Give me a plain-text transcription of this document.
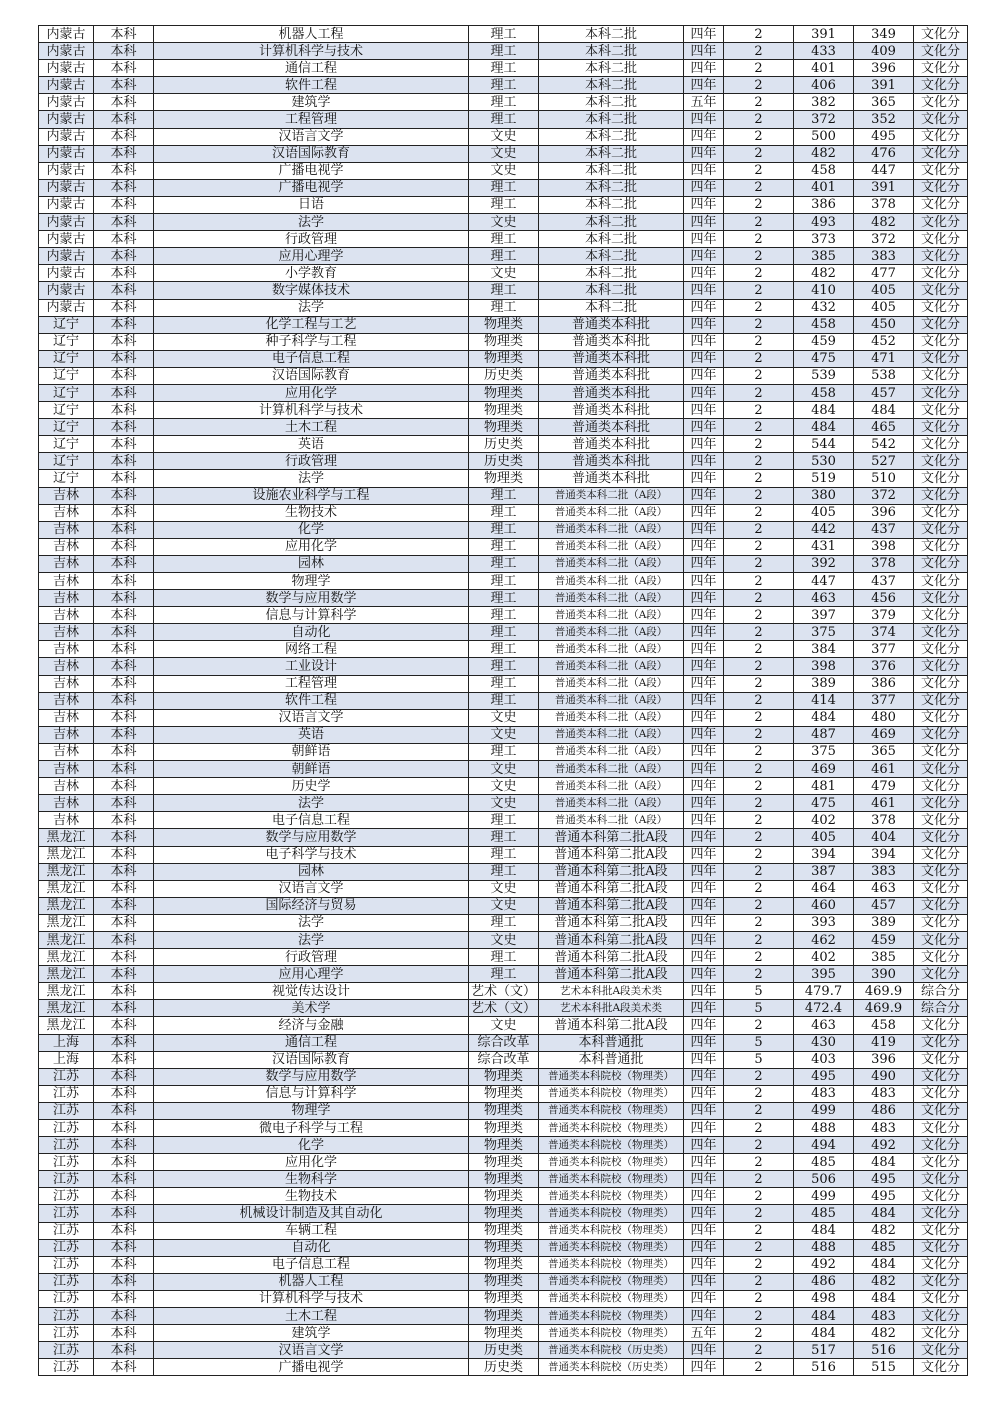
内蒙古	本科	机器人工程	理工	本科二批	四年	2	391	349	文化分
内蒙古	本科	计算机科学与技术	理工	本科二批	四年	2	433	409	文化分
内蒙古	本科	通信工程	理工	本科二批	四年	2	401	396	文化分
内蒙古	本科	软件工程	理工	本科二批	四年	2	406	391	文化分
内蒙古	本科	建筑学	理工	本科二批	五年	2	382	365	文化分
内蒙古	本科	工程管理	理工	本科二批	四年	2	372	352	文化分
内蒙古	本科	汉语言文学	文史	本科二批	四年	2	500	495	文化分
内蒙古	本科	汉语国际教育	文史	本科二批	四年	2	482	476	文化分
内蒙古	本科	广播电视学	文史	本科二批	四年	2	458	447	文化分
内蒙古	本科	广播电视学	理工	本科二批	四年	2	401	391	文化分
内蒙古	本科	日语	理工	本科二批	四年	2	386	378	文化分
内蒙古	本科	法学	文史	本科二批	四年	2	493	482	文化分
内蒙古	本科	行政管理	理工	本科二批	四年	2	373	372	文化分
内蒙古	本科	应用心理学	理工	本科二批	四年	2	385	383	文化分
内蒙古	本科	小学教育	文史	本科二批	四年	2	482	477	文化分
内蒙古	本科	数字媒体技术	理工	本科二批	四年	2	410	405	文化分
内蒙古	本科	法学	理工	本科二批	四年	2	432	405	文化分
辽宁	本科	化学工程与工艺	物理类	普通类本科批	四年	2	458	450	文化分
辽宁	本科	种子科学与工程	物理类	普通类本科批	四年	2	459	452	文化分
辽宁	本科	电子信息工程	物理类	普通类本科批	四年	2	475	471	文化分
辽宁	本科	汉语国际教育	历史类	普通类本科批	四年	2	539	538	文化分
辽宁	本科	应用化学	物理类	普通类本科批	四年	2	458	457	文化分
辽宁	本科	计算机科学与技术	物理类	普通类本科批	四年	2	484	484	文化分
辽宁	本科	土木工程	物理类	普通类本科批	四年	2	484	465	文化分
辽宁	本科	英语	历史类	普通类本科批	四年	2	544	542	文化分
辽宁	本科	行政管理	历史类	普通类本科批	四年	2	530	527	文化分
辽宁	本科	法学	物理类	普通类本科批	四年	2	519	510	文化分
吉林	本科	设施农业科学与工程	理工	普通类本科二批（A段）	四年	2	380	372	文化分
吉林	本科	生物技术	理工	普通类本科二批（A段）	四年	2	405	396	文化分
吉林	本科	化学	理工	普通类本科二批（A段）	四年	2	442	437	文化分
吉林	本科	应用化学	理工	普通类本科二批（A段）	四年	2	431	398	文化分
吉林	本科	园林	理工	普通类本科二批（A段）	四年	2	392	378	文化分
吉林	本科	物理学	理工	普通类本科二批（A段）	四年	2	447	437	文化分
吉林	本科	数学与应用数学	理工	普通类本科二批（A段）	四年	2	463	456	文化分
吉林	本科	信息与计算科学	理工	普通类本科二批（A段）	四年	2	397	379	文化分
吉林	本科	自动化	理工	普通类本科二批（A段）	四年	2	375	374	文化分
吉林	本科	网络工程	理工	普通类本科二批（A段）	四年	2	384	377	文化分
吉林	本科	工业设计	理工	普通类本科二批（A段）	四年	2	398	376	文化分
吉林	本科	工程管理	理工	普通类本科二批（A段）	四年	2	389	386	文化分
吉林	本科	软件工程	理工	普通类本科二批（A段）	四年	2	414	377	文化分
吉林	本科	汉语言文学	文史	普通类本科二批（A段）	四年	2	484	480	文化分
吉林	本科	英语	文史	普通类本科二批（A段）	四年	2	487	469	文化分
吉林	本科	朝鲜语	理工	普通类本科二批（A段）	四年	2	375	365	文化分
吉林	本科	朝鲜语	文史	普通类本科二批（A段）	四年	2	469	461	文化分
吉林	本科	历史学	文史	普通类本科二批（A段）	四年	2	481	479	文化分
吉林	本科	法学	文史	普通类本科二批（A段）	四年	2	475	461	文化分
吉林	本科	电子信息工程	理工	普通类本科二批（A段）	四年	2	402	378	文化分
黑龙江	本科	数学与应用数学	理工	普通本科第二批A段	四年	2	405	404	文化分
黑龙江	本科	电子科学与技术	理工	普通本科第二批A段	四年	2	394	394	文化分
黑龙江	本科	园林	理工	普通本科第二批A段	四年	2	387	383	文化分
黑龙江	本科	汉语言文学	文史	普通本科第二批A段	四年	2	464	463	文化分
黑龙江	本科	国际经济与贸易	文史	普通本科第二批A段	四年	2	460	457	文化分
黑龙江	本科	法学	理工	普通本科第二批A段	四年	2	393	389	文化分
黑龙江	本科	法学	文史	普通本科第二批A段	四年	2	462	459	文化分
黑龙江	本科	行政管理	理工	普通本科第二批A段	四年	2	402	385	文化分
黑龙江	本科	应用心理学	理工	普通本科第二批A段	四年	2	395	390	文化分
黑龙江	本科	视觉传达设计	艺术（文）	艺术本科批A段美术类	四年	5	479.7	469.9	综合分
黑龙江	本科	美术学	艺术（文）	艺术本科批A段美术类	四年	5	472.4	469.9	综合分
黑龙江	本科	经济与金融	文史	普通本科第二批A段	四年	2	463	458	文化分
上海	本科	通信工程	综合改革	本科普通批	四年	5	430	419	文化分
上海	本科	汉语国际教育	综合改革	本科普通批	四年	5	403	396	文化分
江苏	本科	数学与应用数学	物理类	普通类本科院校（物理类）	四年	2	495	490	文化分
江苏	本科	信息与计算科学	物理类	普通类本科院校（物理类）	四年	2	483	483	文化分
江苏	本科	物理学	物理类	普通类本科院校（物理类）	四年	2	499	486	文化分
江苏	本科	微电子科学与工程	物理类	普通类本科院校（物理类）	四年	2	488	483	文化分
江苏	本科	化学	物理类	普通类本科院校（物理类）	四年	2	494	492	文化分
江苏	本科	应用化学	物理类	普通类本科院校（物理类）	四年	2	485	484	文化分
江苏	本科	生物科学	物理类	普通类本科院校（物理类）	四年	2	506	495	文化分
江苏	本科	生物技术	物理类	普通类本科院校（物理类）	四年	2	499	495	文化分
江苏	本科	机械设计制造及其自动化	物理类	普通类本科院校（物理类）	四年	2	485	484	文化分
江苏	本科	车辆工程	物理类	普通类本科院校（物理类）	四年	2	484	482	文化分
江苏	本科	自动化	物理类	普通类本科院校（物理类）	四年	2	488	485	文化分
江苏	本科	电子信息工程	物理类	普通类本科院校（物理类）	四年	2	492	484	文化分
江苏	本科	机器人工程	物理类	普通类本科院校（物理类）	四年	2	486	482	文化分
江苏	本科	计算机科学与技术	物理类	普通类本科院校（物理类）	四年	2	498	484	文化分
江苏	本科	土木工程	物理类	普通类本科院校（物理类）	四年	2	484	483	文化分
江苏	本科	建筑学	物理类	普通类本科院校（物理类）	五年	2	484	482	文化分
江苏	本科	汉语言文学	历史类	普通类本科院校（历史类）	四年	2	517	516	文化分
江苏	本科	广播电视学	历史类	普通类本科院校（历史类）	四年	2	516	515	文化分
